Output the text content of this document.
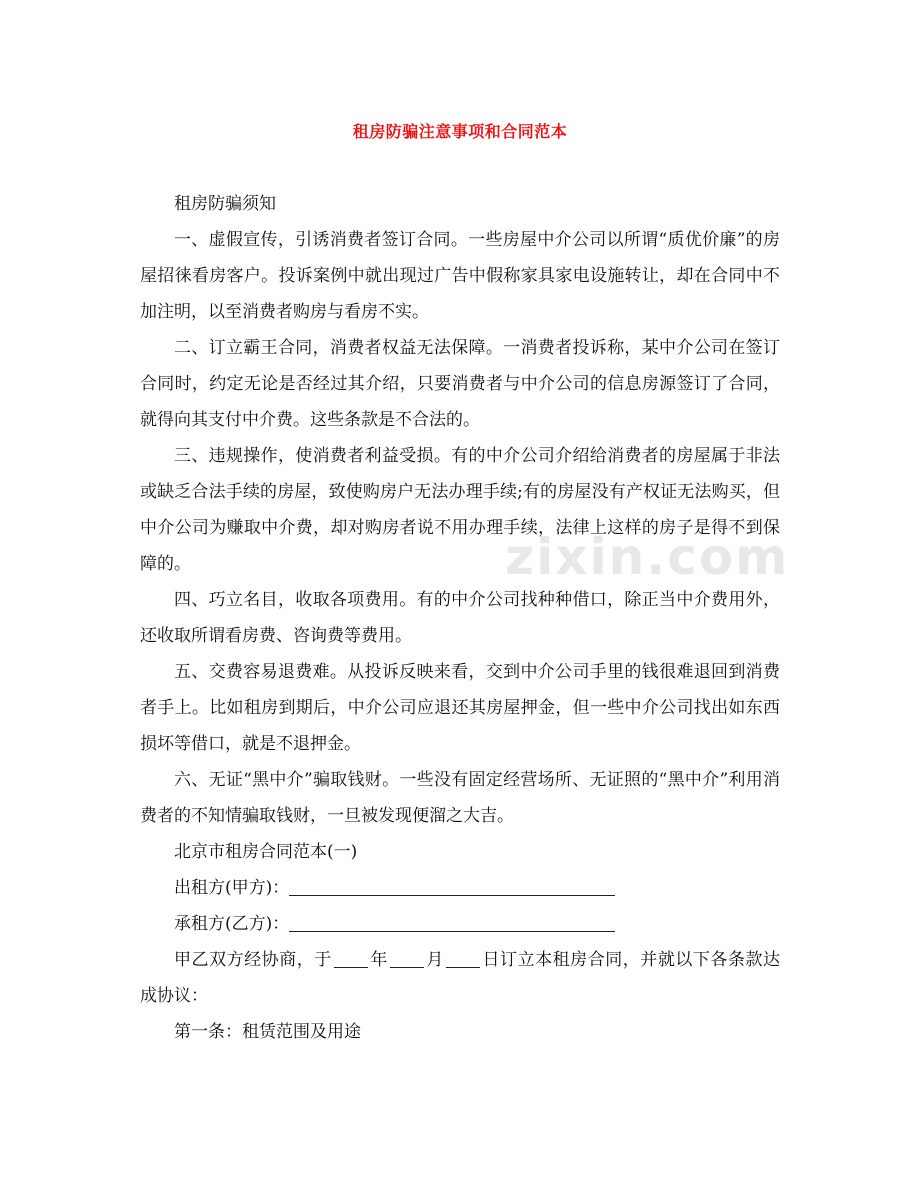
zixin.com
租房防骗注意事项和合同范本

租房防骗须知

一、虚假宣传，引诱消费者签订合同。一些房屋中介公司以所谓“质优价廉”的房屋招徕看房客户。投诉案例中就出现过广告中假称家具家电设施转让，却在合同中不加注明，以至消费者购房与看房不实。

二、订立霸王合同，消费者权益无法保障。一消费者投诉称，某中介公司在签订合同时，约定无论是否经过其介绍，只要消费者与中介公司的信息房源签订了合同，就得向其支付中介费。这些条款是不合法的。

三、违规操作，使消费者利益受损。有的中介公司介绍给消费者的房屋属于非法或缺乏合法手续的房屋，致使购房户无法办理手续;有的房屋没有产权证无法购买，但中介公司为赚取中介费，却对购房者说不用办理手续，法律上这样的房子是得不到保障的。

四、巧立名目，收取各项费用。有的中介公司找种种借口，除正当中介费用外，还收取所谓看房费、咨询费等费用。

五、交费容易退费难。从投诉反映来看，交到中介公司手里的钱很难退回到消费者手上。比如租房到期后，中介公司应退还其房屋押金，但一些中介公司找出如东西损坏等借口，就是不退押金。

六、无证“黑中介”骗取钱财。一些没有固定经营场所、无证照的“黑中介”利用消费者的不知情骗取钱财，一旦被发现便溜之大吉。

北京市租房合同范本(一)

出租方(甲方)：

承租方(乙方)：

甲乙双方经协商，于 年 月 日订立本租房合同，并就以下各条款达成协议：

第一条：租赁范围及用途
